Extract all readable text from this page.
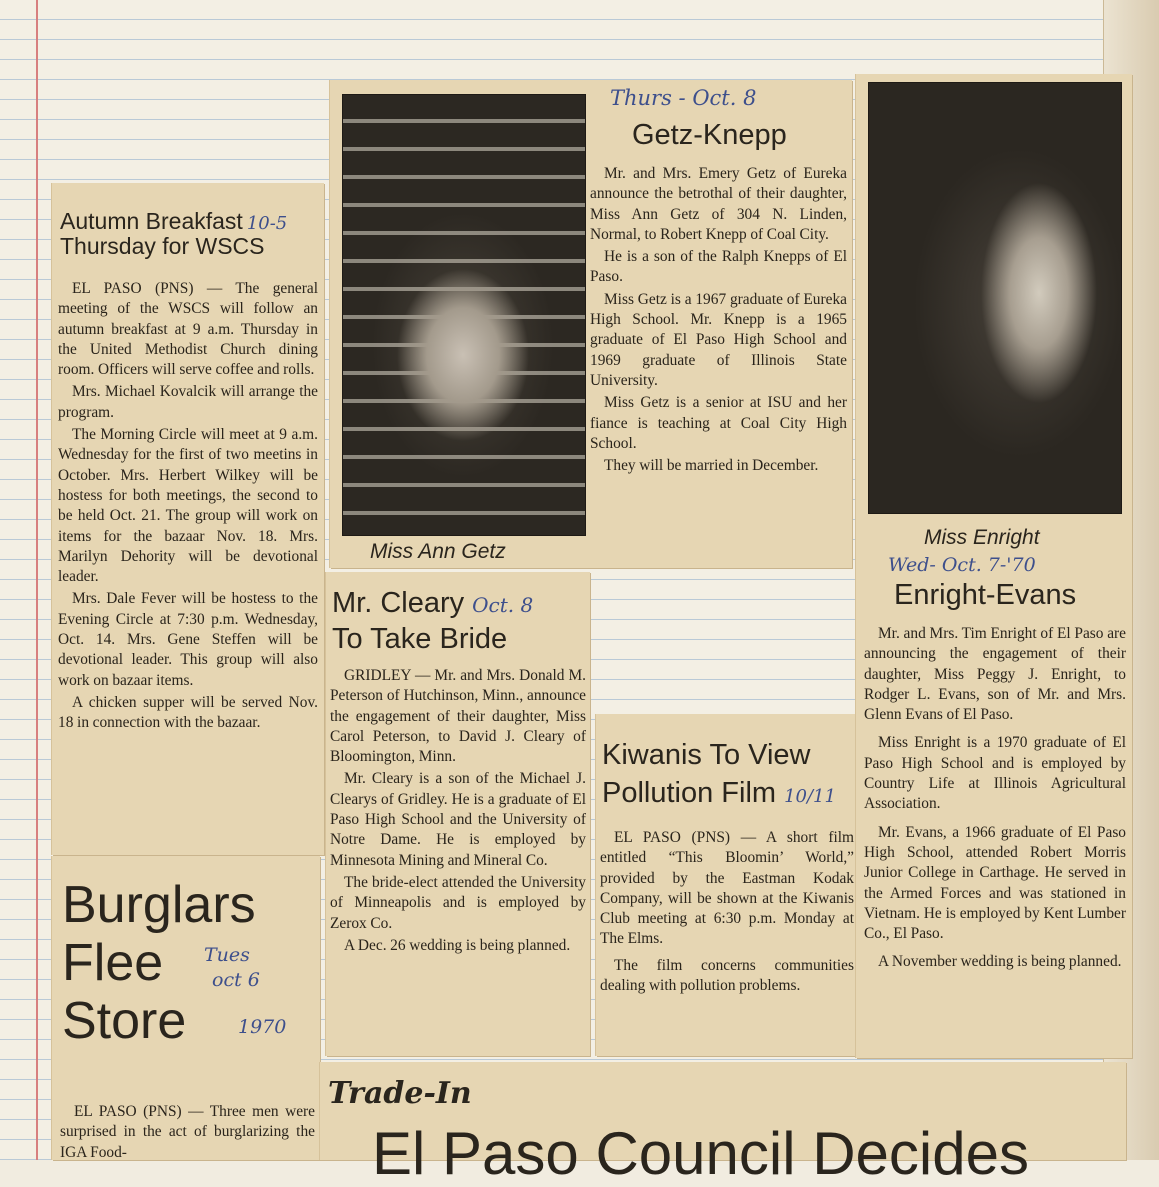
Autumn Breakfast 10-5
Thursday for WSCS

EL PASO (PNS) — The general meeting of the WSCS will follow an autumn breakfast at 9 a.m. Thursday in the United Methodist Church dining room. Officers will serve coffee and rolls.

Mrs. Michael Kovalcik will arrange the program.

The Morning Circle will meet at 9 a.m. Wednesday for the first of two meetins in October. Mrs. Herbert Wilkey will be hostess for both meetings, the second to be held Oct. 21. The group will work on items for the bazaar Nov. 18. Mrs. Marilyn Dehority will be devotional leader.

Mrs. Dale Fever will be hostess to the Evening Circle at 7:30 p.m. Wednesday, Oct. 14. Mrs. Gene Steffen will be devotional leader. This group will also work on bazaar items.

A chicken supper will be served Nov. 18 in connection with the bazaar.

Burglars
Flee
Store
Tues
oct 6
1970

EL PASO (PNS) — Three men were surprised in the act of burglarizing the IGA Food-

Miss Ann Getz
Thurs - Oct. 8
Getz-Knepp

Mr. and Mrs. Emery Getz of Eureka announce the betrothal of their daughter, Miss Ann Getz of 304 N. Linden, Normal, to Robert Knepp of Coal City.

He is a son of the Ralph Knepps of El Paso.

Miss Getz is a 1967 graduate of Eureka High School. Mr. Knepp is a 1965 graduate of El Paso High School and 1969 graduate of Illinois State University.

Miss Getz is a senior at ISU and her fiance is teaching at Coal City High School.

They will be married in December.

Mr. Cleary Oct. 8
To Take Bride

GRIDLEY — Mr. and Mrs. Donald M. Peterson of Hutchinson, Minn., announce the engagement of their daughter, Miss Carol Peterson, to David J. Cleary of Bloomington, Minn.

Mr. Cleary is a son of the Michael J. Clearys of Gridley. He is a graduate of El Paso High School and the University of Notre Dame. He is employed by Minnesota Mining and Mineral Co.

The bride-elect attended the University of Minneapolis and is employed by Zerox Co.

A Dec. 26 wedding is being planned.

Kiwanis To View
Pollution Film 10/11

EL PASO (PNS) — A short film entitled “This Bloomin’ World,” provided by the Eastman Kodak Company, will be shown at the Kiwanis Club meeting at 6:30 p.m. Monday at The Elms.

The film concerns communities dealing with pollution problems.

Miss Enright
Wed- Oct. 7-'70
Enright-Evans

Mr. and Mrs. Tim Enright of El Paso are announcing the engagement of their daughter, Miss Peggy J. Enright, to Rodger L. Evans, son of Mr. and Mrs. Glenn Evans of El Paso.

Miss Enright is a 1970 graduate of El Paso High School and is employed by Country Life at Illinois Agricultural Association.

Mr. Evans, a 1966 graduate of El Paso High School, attended Robert Morris Junior College in Carthage. He served in the Armed Forces and was stationed in Vietnam. He is employed by Kent Lumber Co., El Paso.

A November wedding is being planned.

Trade-In
El Paso Council Decides
